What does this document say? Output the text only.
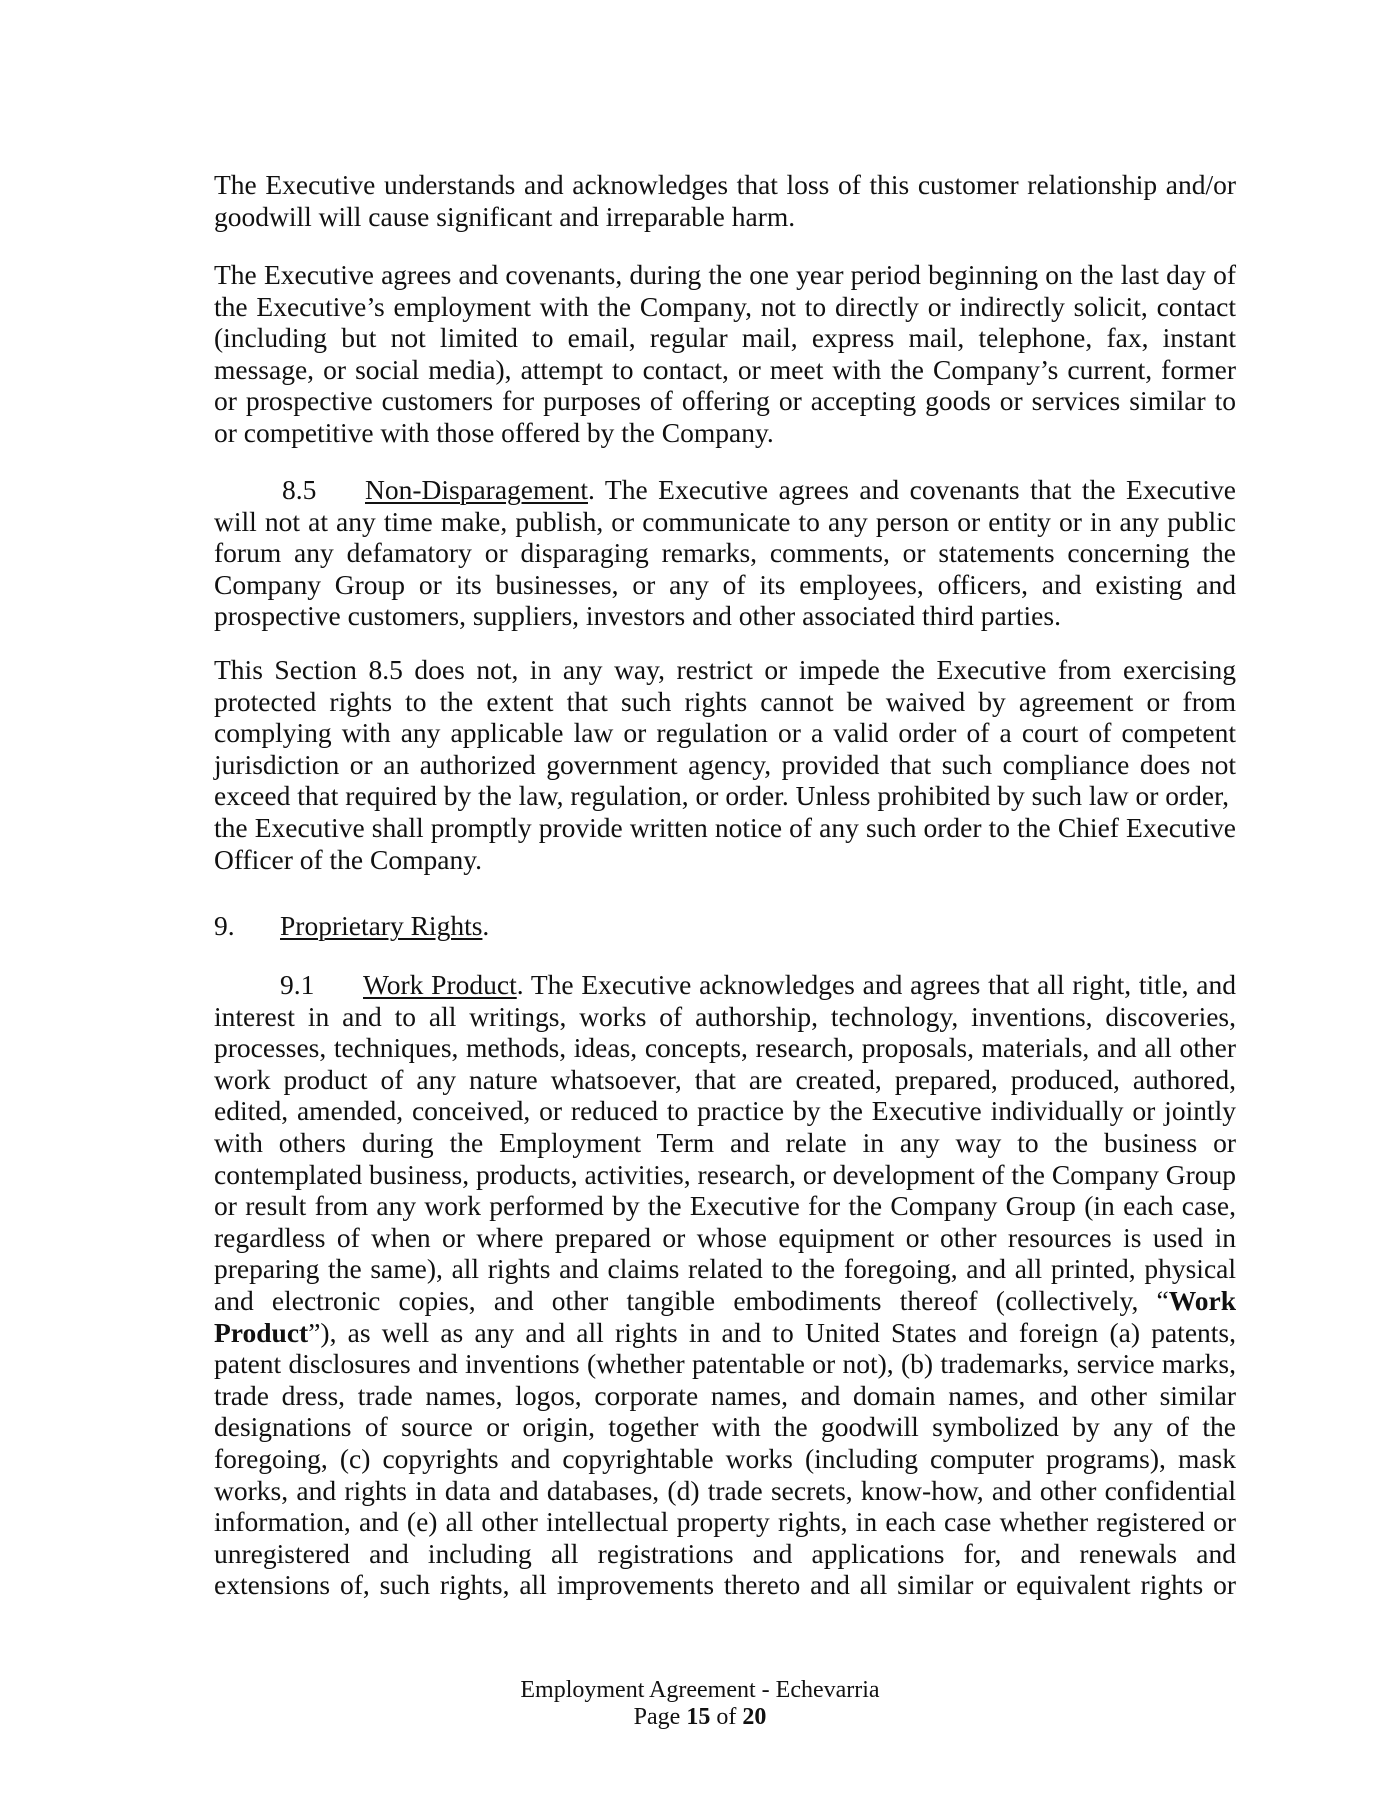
The Executive understands and acknowledges that loss of this customer relationship and/or
goodwill will cause significant and irreparable harm.
The Executive agrees and covenants, during the one year period beginning on the last day of
the Executive’s employment with the Company, not to directly or indirectly solicit, contact
(including but not limited to email, regular mail, express mail, telephone, fax, instant
message, or social media), attempt to contact, or meet with the Company’s current, former
or prospective customers for purposes of offering or accepting goods or services similar to
or competitive with those offered by the Company.
8.5 Non-Disparagement. The Executive agrees and covenants that the Executive
will not at any time make, publish, or communicate to any person or entity or in any public
forum any defamatory or disparaging remarks, comments, or statements concerning the
Company Group or its businesses, or any of its employees, officers, and existing and
prospective customers, suppliers, investors and other associated third parties.
This Section 8.5 does not, in any way, restrict or impede the Executive from exercising
protected rights to the extent that such rights cannot be waived by agreement or from
complying with any applicable law or regulation or a valid order of a court of competent
jurisdiction or an authorized government agency, provided that such compliance does not
exceed that required by the law, regulation, or order. Unless prohibited by such law or order,
the Executive shall promptly provide written notice of any such order to the Chief Executive
Officer of the Company.
9. Proprietary Rights.
9.1 Work Product. The Executive acknowledges and agrees that all right, title, and
interest in and to all writings, works of authorship, technology, inventions, discoveries,
processes, techniques, methods, ideas, concepts, research, proposals, materials, and all other
work product of any nature whatsoever, that are created, prepared, produced, authored,
edited, amended, conceived, or reduced to practice by the Executive individually or jointly
with others during the Employment Term and relate in any way to the business or
contemplated business, products, activities, research, or development of the Company Group
or result from any work performed by the Executive for the Company Group (in each case,
regardless of when or where prepared or whose equipment or other resources is used in
preparing the same), all rights and claims related to the foregoing, and all printed, physical
and electronic copies, and other tangible embodiments thereof (collectively, “Work
Product”), as well as any and all rights in and to United States and foreign (a) patents,
patent disclosures and inventions (whether patentable or not), (b) trademarks, service marks,
trade dress, trade names, logos, corporate names, and domain names, and other similar
designations of source or origin, together with the goodwill symbolized by any of the
foregoing, (c) copyrights and copyrightable works (including computer programs), mask
works, and rights in data and databases, (d) trade secrets, know-how, and other confidential
information, and (e) all other intellectual property rights, in each case whether registered or
unregistered and including all registrations and applications for, and renewals and
extensions of, such rights, all improvements thereto and all similar or equivalent rights or
Employment Agreement - Echevarria
Page 15 of 20
